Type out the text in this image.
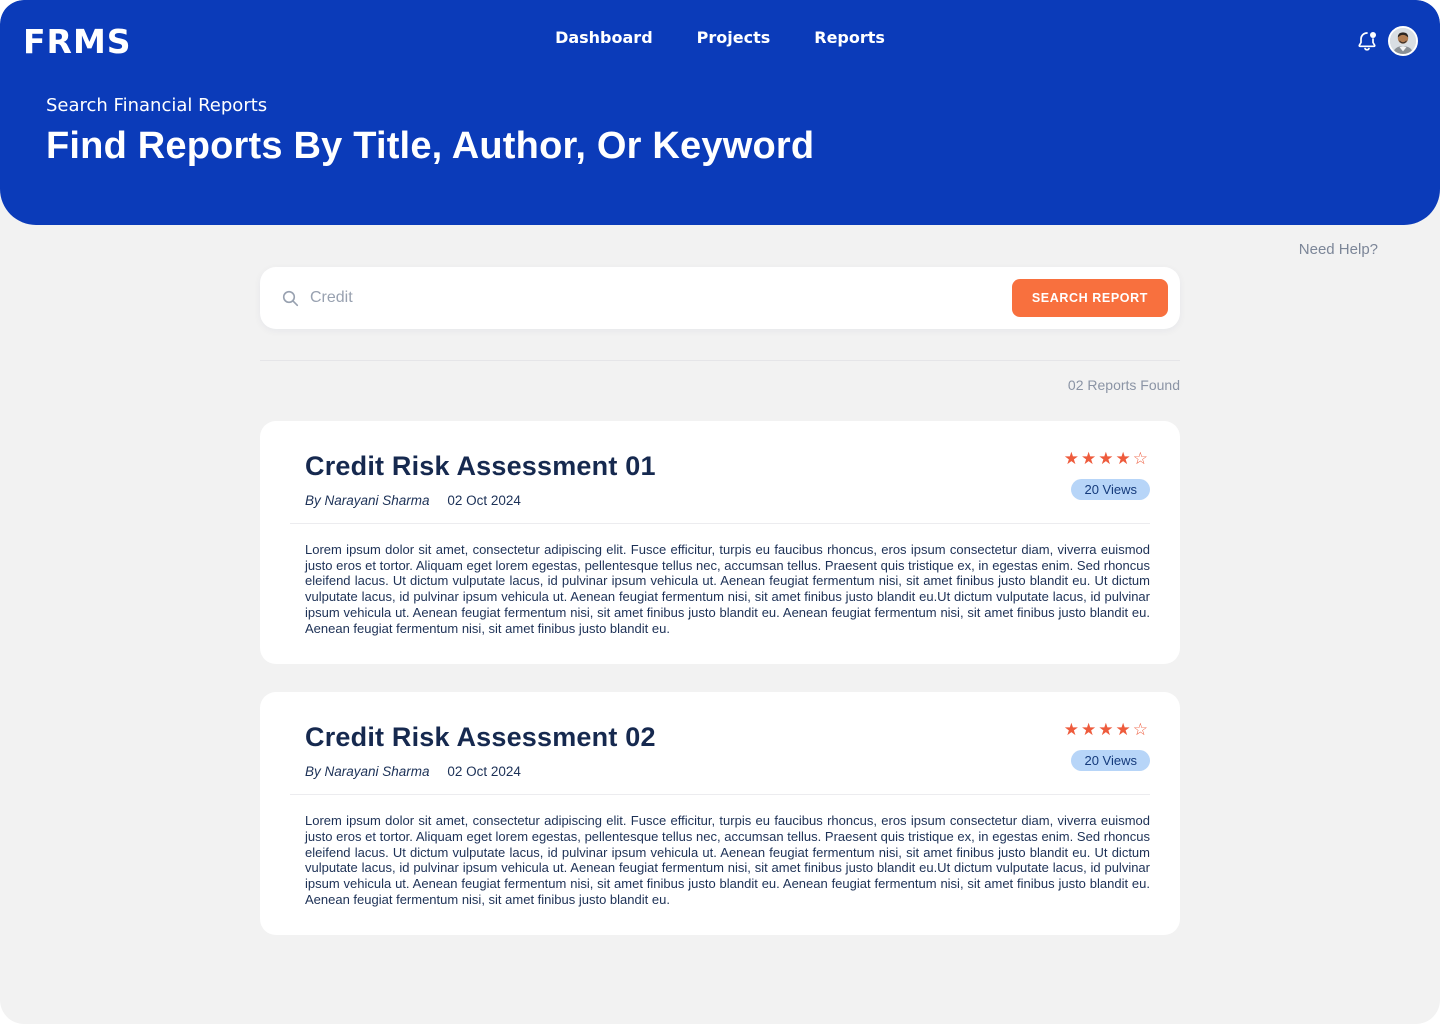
FRMS	Dashboard	Projects	Reports
Search Financial Reports
Find Reports By Title, Author, Or Keyword
Need Help?
Credit
SEARCH REPORT
02 Reports Found
Credit Risk Assessment 01
By Narayani Sharma 02 Oct 2024
★★★★☆
20 Views

Lorem ipsum dolor sit amet, consectetur adipiscing elit. Fusce efficitur, turpis eu faucibus rhoncus, eros ipsum consectetur diam, viverra euismod justo eros et tortor. Aliquam eget lorem egestas, pellentesque tellus nec, accumsan tellus. Praesent quis tristique ex, in egestas enim. Sed rhoncus eleifend lacus. Ut dictum vulputate lacus, id pulvinar ipsum vehicula ut. Aenean feugiat fermentum nisi, sit amet finibus justo blandit eu. Ut dictum vulputate lacus, id pulvinar ipsum vehicula ut. Aenean feugiat fermentum nisi, sit amet finibus justo blandit eu.Ut dictum vulputate lacus, id pulvinar ipsum vehicula ut. Aenean feugiat fermentum nisi, sit amet finibus justo blandit eu. Aenean feugiat fermentum nisi, sit amet finibus justo blandit eu. Aenean feugiat fermentum nisi, sit amet finibus justo blandit eu.

Credit Risk Assessment 02
By Narayani Sharma 02 Oct 2024
★★★★☆
20 Views

Lorem ipsum dolor sit amet, consectetur adipiscing elit. Fusce efficitur, turpis eu faucibus rhoncus, eros ipsum consectetur diam, viverra euismod justo eros et tortor. Aliquam eget lorem egestas, pellentesque tellus nec, accumsan tellus. Praesent quis tristique ex, in egestas enim. Sed rhoncus eleifend lacus. Ut dictum vulputate lacus, id pulvinar ipsum vehicula ut. Aenean feugiat fermentum nisi, sit amet finibus justo blandit eu. Ut dictum vulputate lacus, id pulvinar ipsum vehicula ut. Aenean feugiat fermentum nisi, sit amet finibus justo blandit eu.Ut dictum vulputate lacus, id pulvinar ipsum vehicula ut. Aenean feugiat fermentum nisi, sit amet finibus justo blandit eu. Aenean feugiat fermentum nisi, sit amet finibus justo blandit eu. Aenean feugiat fermentum nisi, sit amet finibus justo blandit eu.
